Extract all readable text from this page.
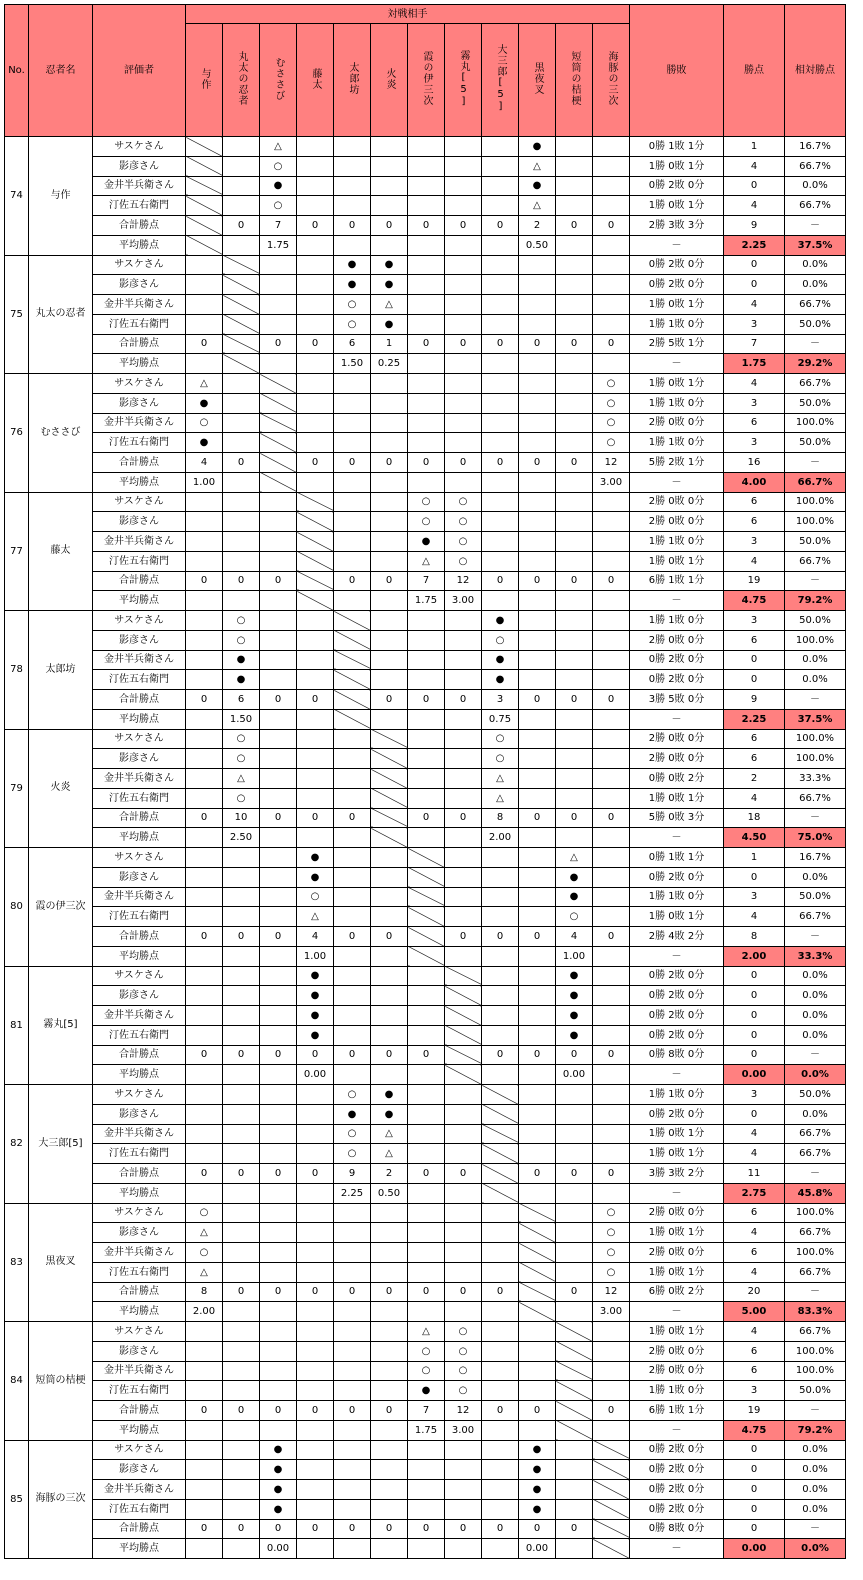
No.	忍者名	評価者	対戦相手												勝敗	勝点	相対勝点
			与作	丸太の忍者	むささび	藤太	太郎坊	火炎	霞の伊三次	霧丸[5]	大三郎[5]	黒夜叉	短筒の桔梗	海豚の三次			
74	与作	サスケさん			△							●			0勝 1敗 1分	1	16.7%
		影彦さん			○							△			1勝 0敗 1分	4	66.7%
		金井半兵衛さん			●							●			0勝 2敗 0分	0	0.0%
		汀佐五右衛門			○							△			1勝 0敗 1分	4	66.7%
		合計勝点		0	7	0	0	0	0	0	0	2	0	0	2勝 3敗 3分	9	－
		平均勝点			1.75							0.50			－	2.25	37.5%
75	丸太の忍者	サスケさん					●	●							0勝 2敗 0分	0	0.0%
		影彦さん					●	●							0勝 2敗 0分	0	0.0%
		金井半兵衛さん					○	△							1勝 0敗 1分	4	66.7%
		汀佐五右衛門					○	●							1勝 1敗 0分	3	50.0%
		合計勝点	0		0	0	6	1	0	0	0	0	0	0	2勝 5敗 1分	7	－
		平均勝点					1.50	0.25							－	1.75	29.2%
76	むささび	サスケさん	△											○	1勝 0敗 1分	4	66.7%
		影彦さん	●											○	1勝 1敗 0分	3	50.0%
		金井半兵衛さん	○											○	2勝 0敗 0分	6	100.0%
		汀佐五右衛門	●											○	1勝 1敗 0分	3	50.0%
		合計勝点	4	0		0	0	0	0	0	0	0	0	12	5勝 2敗 1分	16	－
		平均勝点	1.00											3.00	－	4.00	66.7%
77	藤太	サスケさん							○	○					2勝 0敗 0分	6	100.0%
		影彦さん							○	○					2勝 0敗 0分	6	100.0%
		金井半兵衛さん							●	○					1勝 1敗 0分	3	50.0%
		汀佐五右衛門							△	○					1勝 0敗 1分	4	66.7%
		合計勝点	0	0	0		0	0	7	12	0	0	0	0	6勝 1敗 1分	19	－
		平均勝点							1.75	3.00					－	4.75	79.2%
78	太郎坊	サスケさん		○							●				1勝 1敗 0分	3	50.0%
		影彦さん		○							○				2勝 0敗 0分	6	100.0%
		金井半兵衛さん		●							●				0勝 2敗 0分	0	0.0%
		汀佐五右衛門		●							●				0勝 2敗 0分	0	0.0%
		合計勝点	0	6	0	0		0	0	0	3	0	0	0	3勝 5敗 0分	9	－
		平均勝点		1.50							0.75				－	2.25	37.5%
79	火炎	サスケさん		○							○				2勝 0敗 0分	6	100.0%
		影彦さん		○							○				2勝 0敗 0分	6	100.0%
		金井半兵衛さん		△							△				0勝 0敗 2分	2	33.3%
		汀佐五右衛門		○							△				1勝 0敗 1分	4	66.7%
		合計勝点	0	10	0	0	0		0	0	8	0	0	0	5勝 0敗 3分	18	－
		平均勝点		2.50							2.00				－	4.50	75.0%
80	霞の伊三次	サスケさん				●							△		0勝 1敗 1分	1	16.7%
		影彦さん				●							●		0勝 2敗 0分	0	0.0%
		金井半兵衛さん				○							●		1勝 1敗 0分	3	50.0%
		汀佐五右衛門				△							○		1勝 0敗 1分	4	66.7%
		合計勝点	0	0	0	4	0	0		0	0	0	4	0	2勝 4敗 2分	8	－
		平均勝点				1.00							1.00		－	2.00	33.3%
81	霧丸[5]	サスケさん				●							●		0勝 2敗 0分	0	0.0%
		影彦さん				●							●		0勝 2敗 0分	0	0.0%
		金井半兵衛さん				●							●		0勝 2敗 0分	0	0.0%
		汀佐五右衛門				●							●		0勝 2敗 0分	0	0.0%
		合計勝点	0	0	0	0	0	0	0		0	0	0	0	0勝 8敗 0分	0	－
		平均勝点				0.00							0.00		－	0.00	0.0%
82	大三郎[5]	サスケさん					○	●							1勝 1敗 0分	3	50.0%
		影彦さん					●	●							0勝 2敗 0分	0	0.0%
		金井半兵衛さん					○	△							1勝 0敗 1分	4	66.7%
		汀佐五右衛門					○	△							1勝 0敗 1分	4	66.7%
		合計勝点	0	0	0	0	9	2	0	0		0	0	0	3勝 3敗 2分	11	－
		平均勝点					2.25	0.50							－	2.75	45.8%
83	黒夜叉	サスケさん	○											○	2勝 0敗 0分	6	100.0%
		影彦さん	△											○	1勝 0敗 1分	4	66.7%
		金井半兵衛さん	○											○	2勝 0敗 0分	6	100.0%
		汀佐五右衛門	△											○	1勝 0敗 1分	4	66.7%
		合計勝点	8	0	0	0	0	0	0	0	0		0	12	6勝 0敗 2分	20	－
		平均勝点	2.00											3.00	－	5.00	83.3%
84	短筒の桔梗	サスケさん							△	○					1勝 0敗 1分	4	66.7%
		影彦さん							○	○					2勝 0敗 0分	6	100.0%
		金井半兵衛さん							○	○					2勝 0敗 0分	6	100.0%
		汀佐五右衛門							●	○					1勝 1敗 0分	3	50.0%
		合計勝点	0	0	0	0	0	0	7	12	0	0		0	6勝 1敗 1分	19	－
		平均勝点							1.75	3.00					－	4.75	79.2%
85	海豚の三次	サスケさん			●							●			0勝 2敗 0分	0	0.0%
		影彦さん			●							●			0勝 2敗 0分	0	0.0%
		金井半兵衛さん			●							●			0勝 2敗 0分	0	0.0%
		汀佐五右衛門			●							●			0勝 2敗 0分	0	0.0%
		合計勝点	0	0	0	0	0	0	0	0	0	0	0		0勝 8敗 0分	0	－
		平均勝点			0.00							0.00			－	0.00	0.0%
